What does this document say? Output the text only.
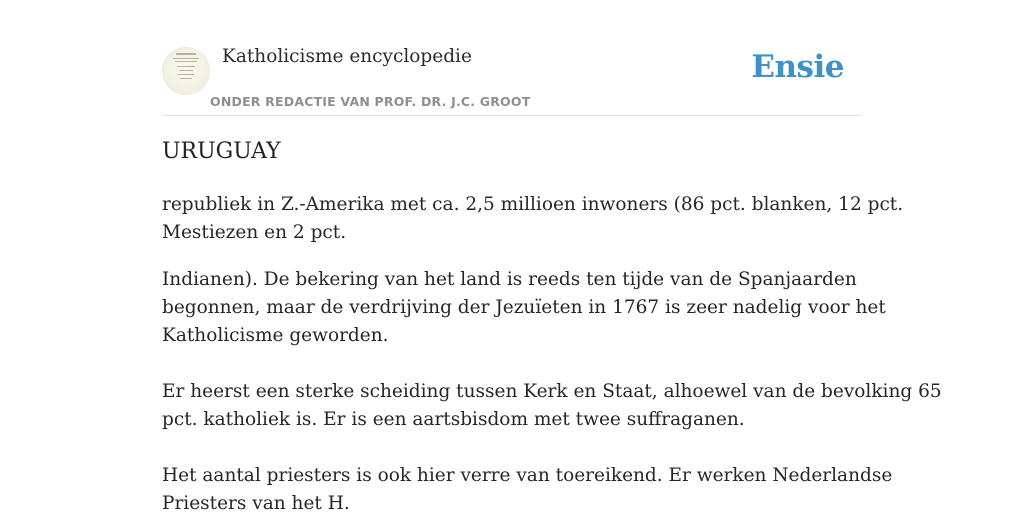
Katholicisme encyclopedie
ONDER REDACTIE VAN PROF. DR. J.C. GROOT
Ensie
URUGUAY

republiek in Z.-Amerika met ca. 2,5 millioen inwoners (86 pct. blanken, 12 pct.

Mestiezen en 2 pct.

Indianen). De bekering van het land is reeds ten tijde van de Spanjaarden

begonnen, maar de verdrijving der Jezuïeten in 1767 is zeer nadelig voor het

Katholicisme geworden.

Er heerst een sterke scheiding tussen Kerk en Staat, alhoewel van de bevolking 65

pct. katholiek is. Er is een aartsbisdom met twee suffraganen.

Het aantal priesters is ook hier verre van toereikend. Er werken Nederlandse

Priesters van het H.
